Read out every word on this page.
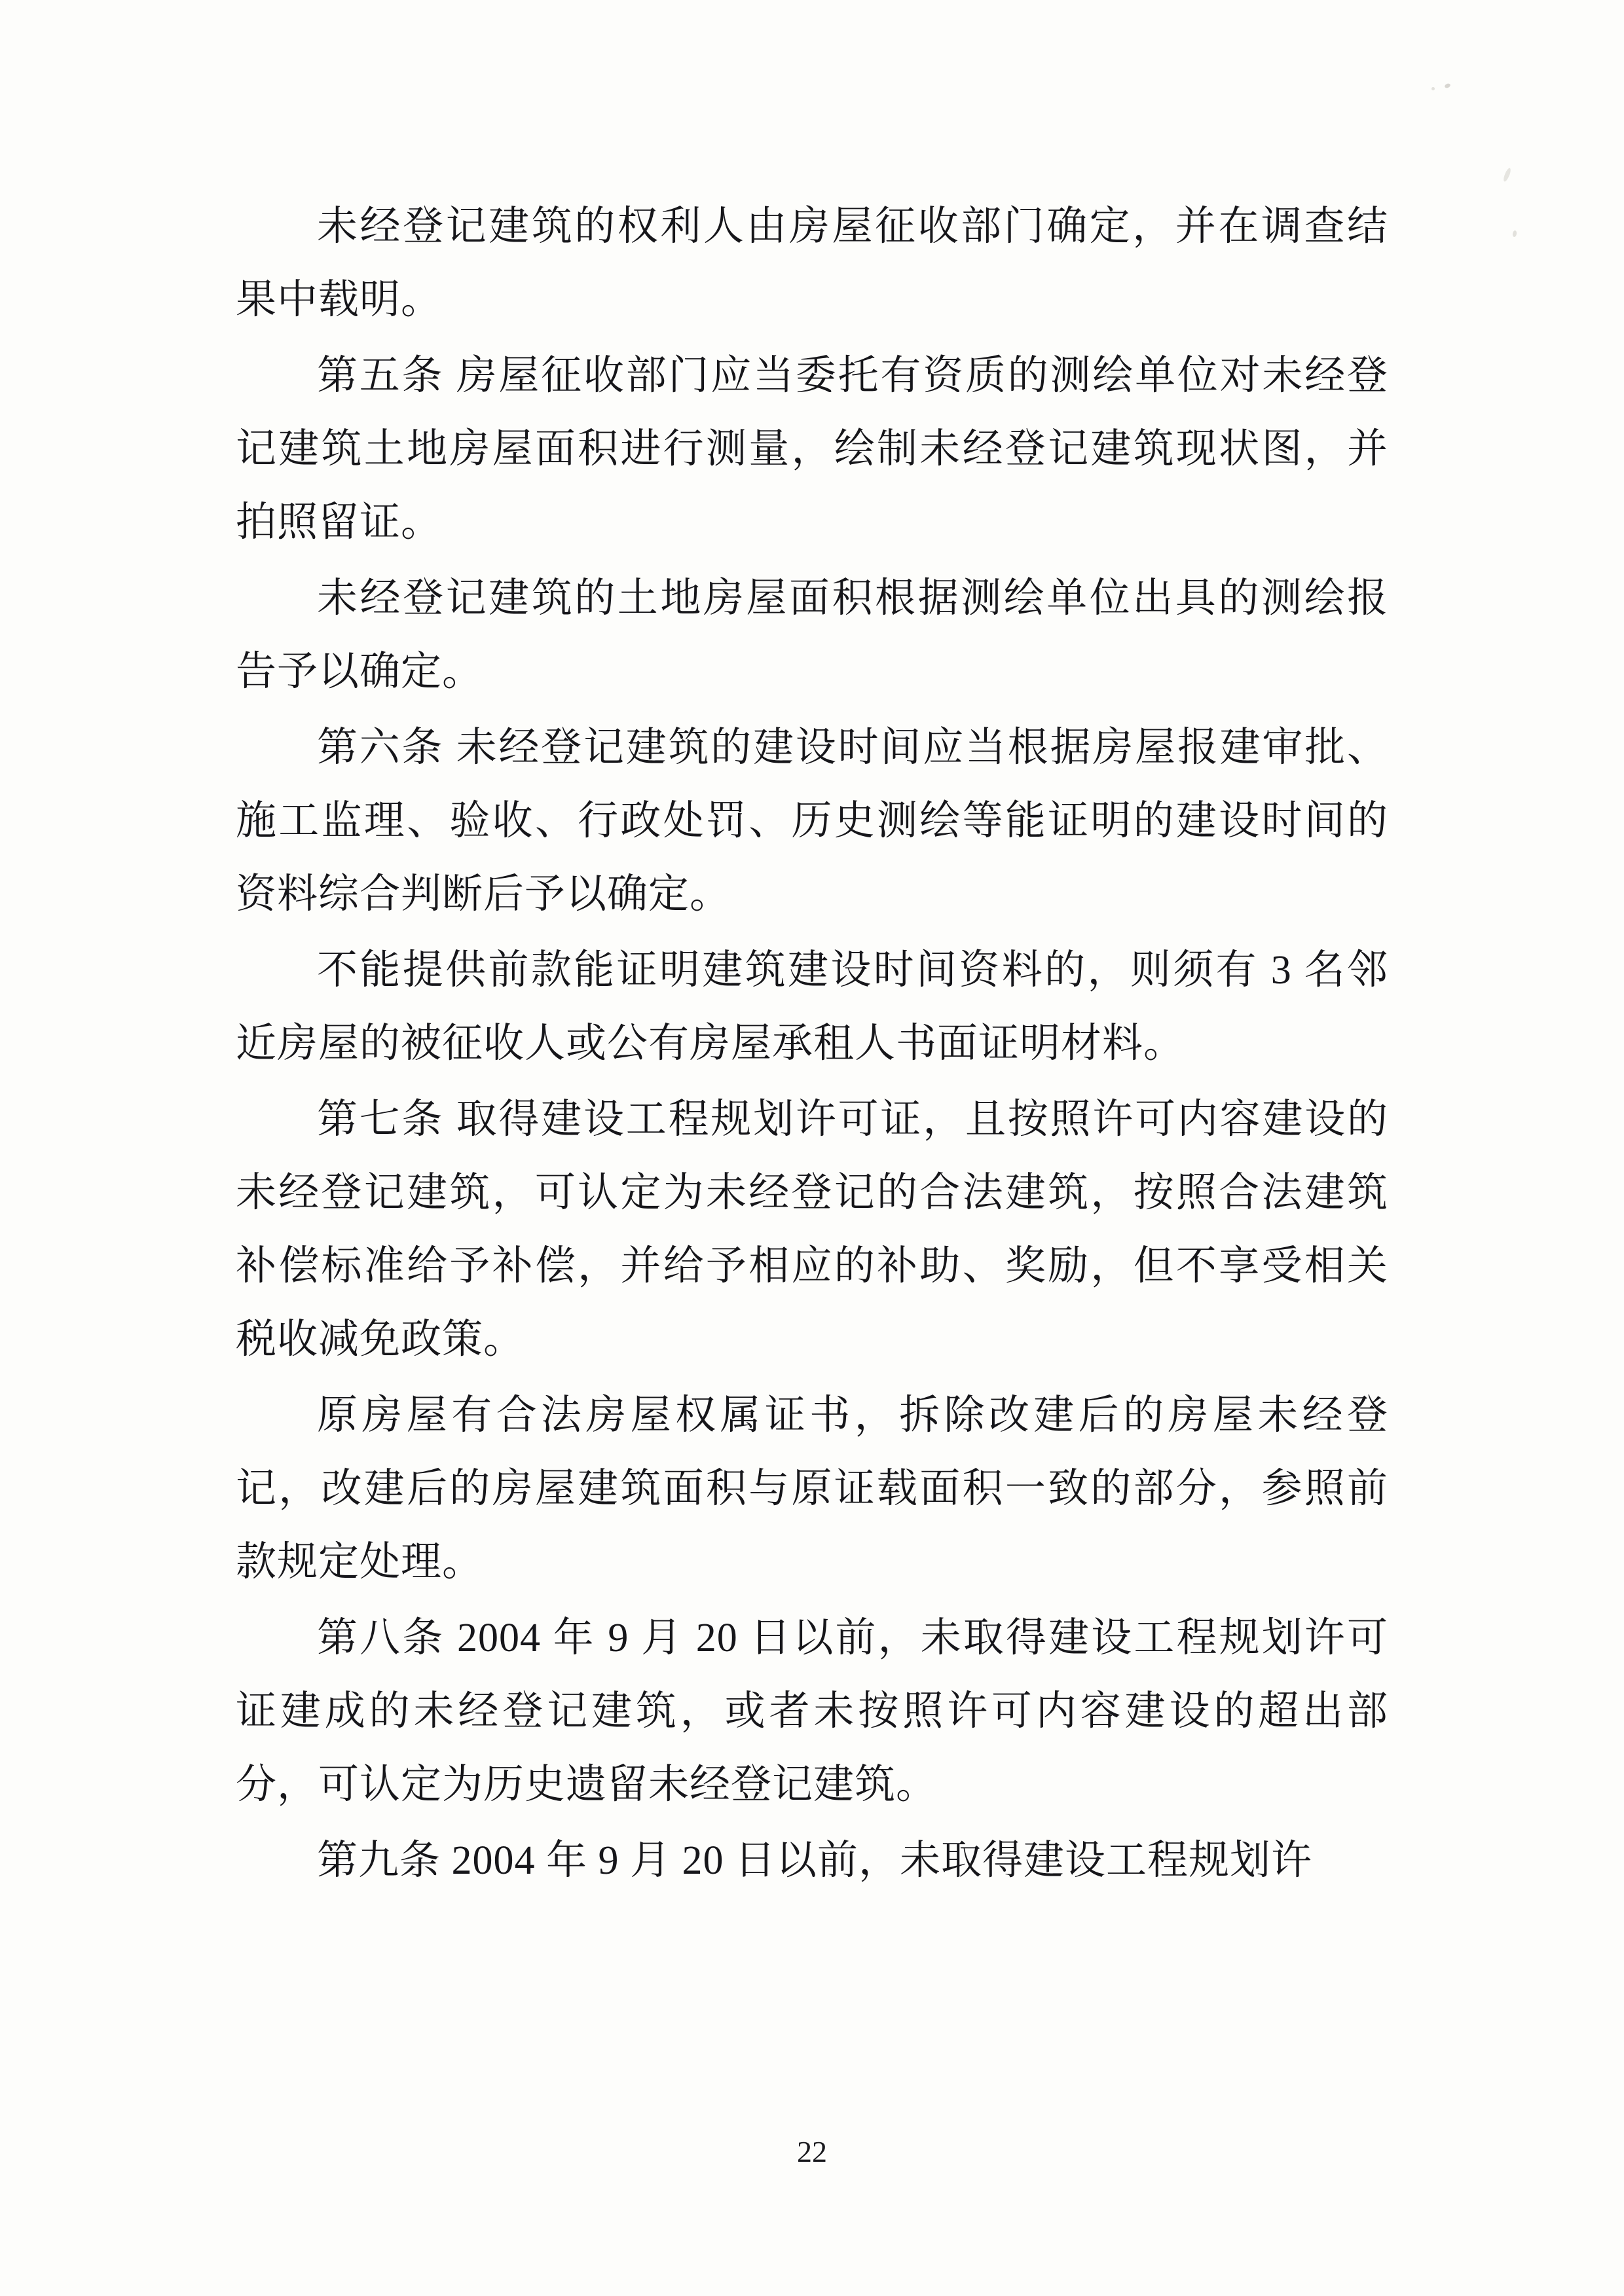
未经登记建筑的权利人由房屋征收部门确定，并在调查结果中载明。

第五条 房屋征收部门应当委托有资质的测绘单位对未经登记建筑土地房屋面积进行测量，绘制未经登记建筑现状图，并拍照留证。

未经登记建筑的土地房屋面积根据测绘单位出具的测绘报告予以确定。

第六条 未经登记建筑的建设时间应当根据房屋报建审批、施工监理、验收、行政处罚、历史测绘等能证明的建设时间的资料综合判断后予以确定。

不能提供前款能证明建筑建设时间资料的，则须有 3 名邻近房屋的被征收人或公有房屋承租人书面证明材料。

第七条 取得建设工程规划许可证，且按照许可内容建设的未经登记建筑，可认定为未经登记的合法建筑，按照合法建筑补偿标准给予补偿，并给予相应的补助、奖励，但不享受相关税收减免政策。

原房屋有合法房屋权属证书，拆除改建后的房屋未经登记，改建后的房屋建筑面积与原证载面积一致的部分，参照前款规定处理。

第八条 2004 年 9 月 20 日以前，未取得建设工程规划许可证建成的未经登记建筑，或者未按照许可内容建设的超出部分，可认定为历史遗留未经登记建筑。

第九条 2004 年 9 月 20 日以前，未取得建设工程规划许

22
